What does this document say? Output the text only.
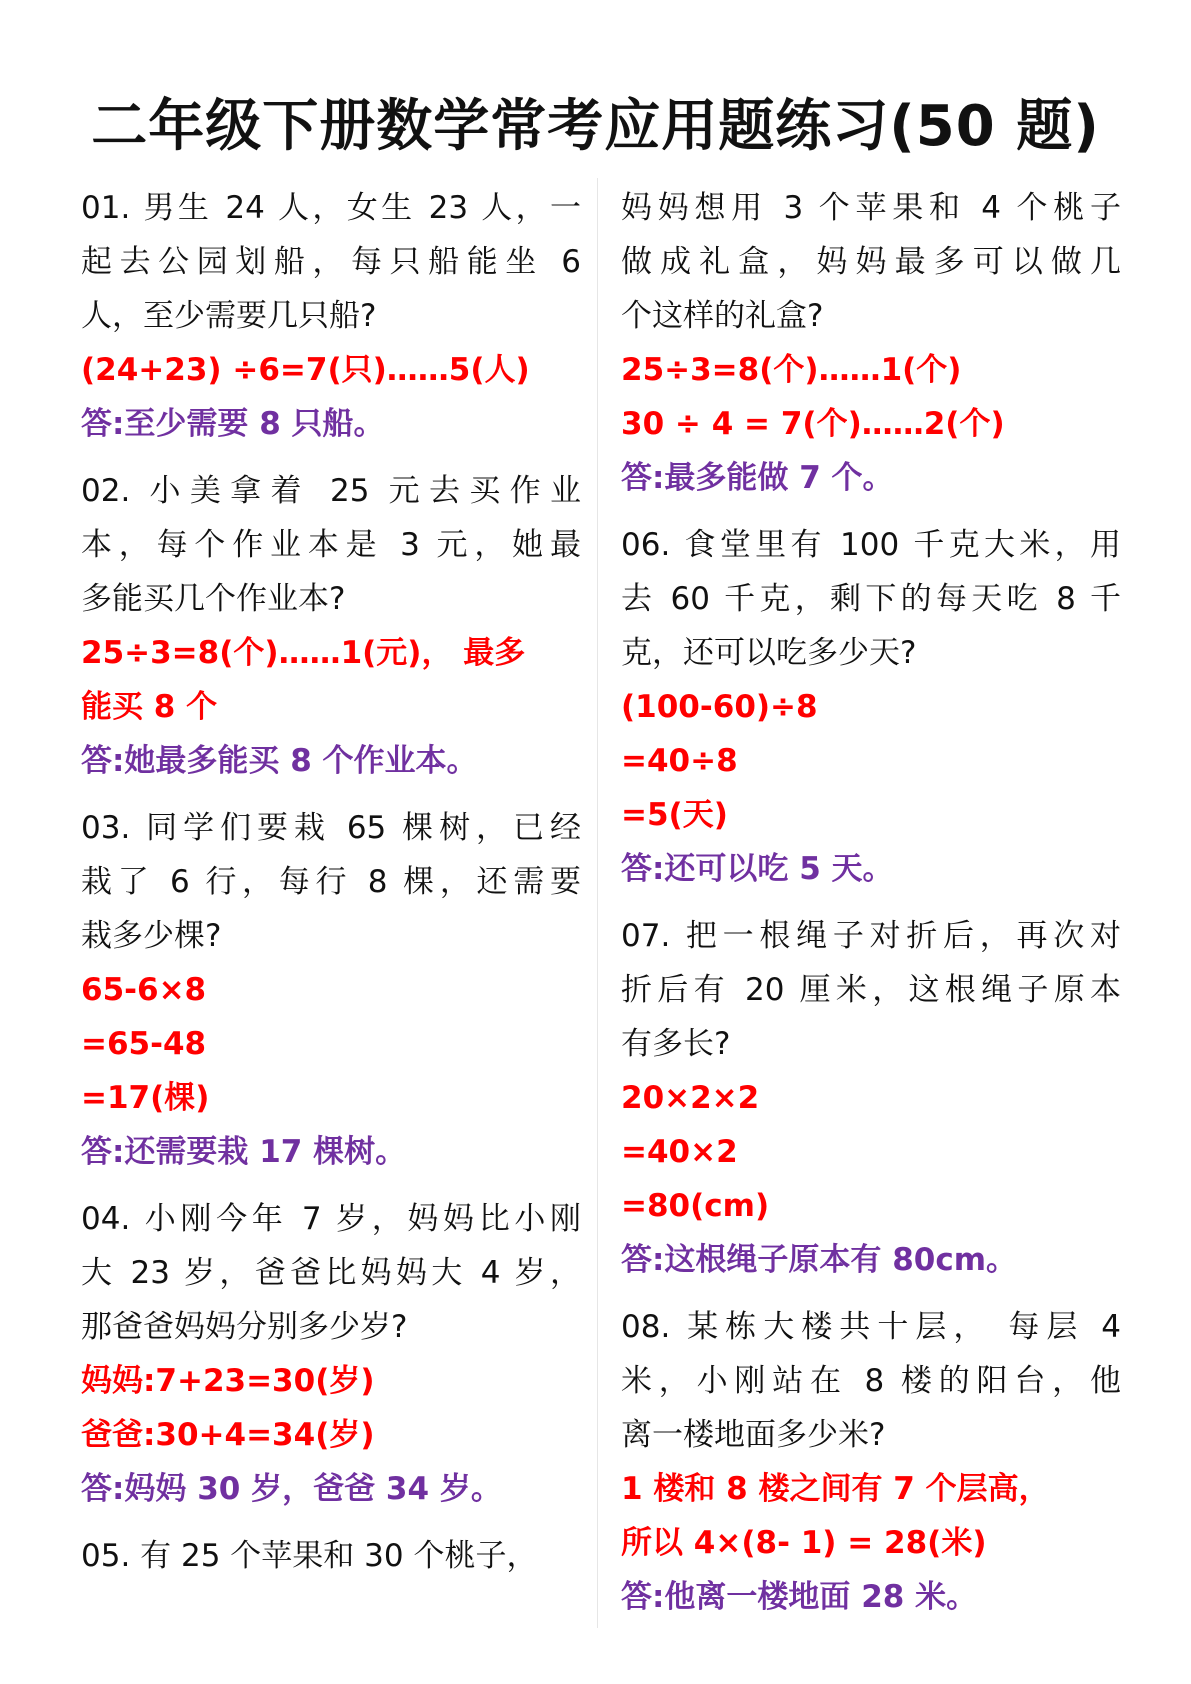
二年级下册数学常考应用题练习(50 题)
01. 男生 24 人，女生 23 人，一
起去公园划船，每只船能坐 6
人，至少需要几只船?
(24+23) ÷6=7(只)……5(人)
答:至少需要 8 只船。
02. 小美拿着 25 元去买作业
本，每个作业本是 3 元，她最
多能买几个作业本?
25÷3=8(个)……1(元)， 最多
能买 8 个
答:她最多能买 8 个作业本。
03. 同学们要栽 65 棵树，已经
栽了 6 行，每行 8 棵，还需要
栽多少棵?
65-6×8
=65-48
=17(棵)
答:还需要栽 17 棵树。
04. 小刚今年 7 岁，妈妈比小刚
大 23 岁，爸爸比妈妈大 4 岁，
那爸爸妈妈分别多少岁?
妈妈:7+23=30(岁)
爸爸:30+4=34(岁)
答:妈妈 30 岁，爸爸 34 岁。
05. 有 25 个苹果和 30 个桃子，
妈妈想用 3 个苹果和 4 个桃子
做成礼盒，妈妈最多可以做几
个这样的礼盒?
25÷3=8(个)……1(个)
30 ÷ 4 = 7(个)……2(个)
答:最多能做 7 个。
06. 食堂里有 100 千克大米，用
去 60 千克，剩下的每天吃 8 千
克，还可以吃多少天?
(100-60)÷8
=40÷8
=5(天)
答:还可以吃 5 天。
07. 把一根绳子对折后，再次对
折后有 20 厘米，这根绳子原本
有多长?
20×2×2
=40×2
=80(cm)
答:这根绳子原本有 80cm。
08. 某栋大楼共十层， 每层 4
米，小刚站在 8 楼的阳台，他
离一楼地面多少米?
1 楼和 8 楼之间有 7 个层高，
所以 4×(8- 1) = 28(米)
答:他离一楼地面 28 米。
